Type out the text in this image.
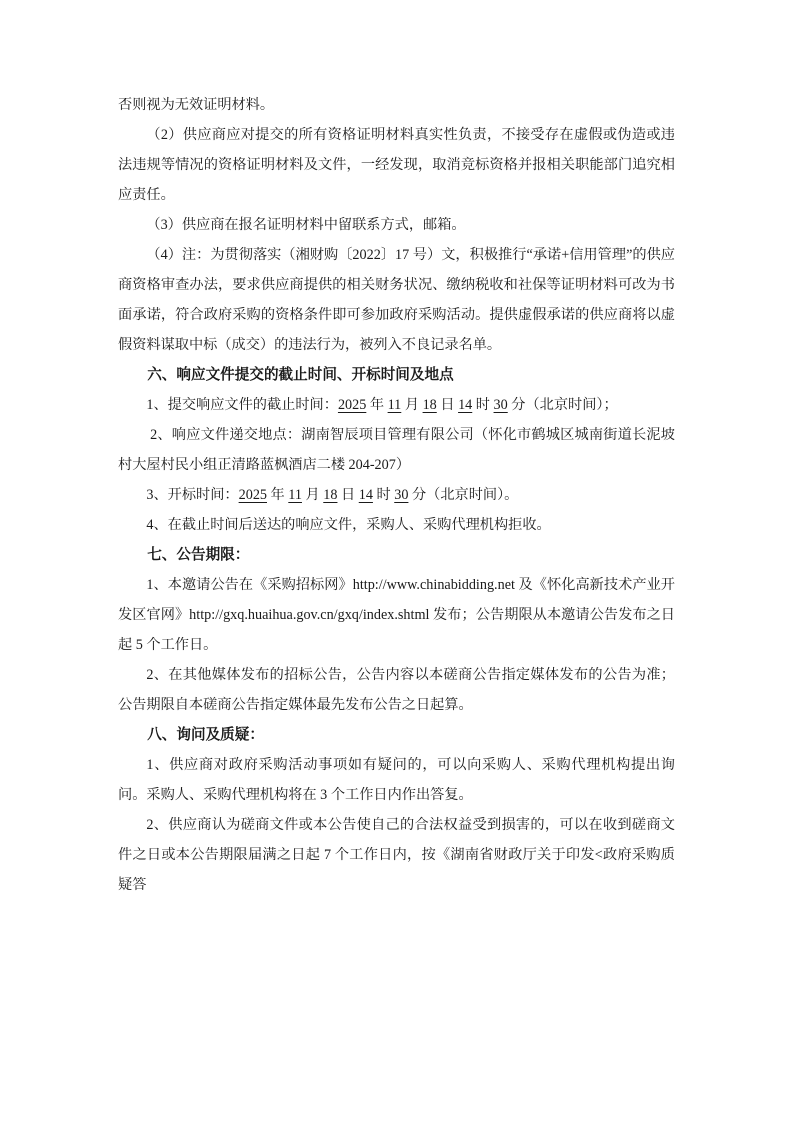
否则视为无效证明材料。

（2）供应商应对提交的所有资格证明材料真实性负责，不接受存在虚假或伪造或违法违规等情况的资格证明材料及文件，一经发现，取消竞标资格并报相关职能部门追究相应责任。

（3）供应商在报名证明材料中留联系方式，邮箱。

（4）注：为贯彻落实（湘财购〔2022〕17 号）文，积极推行“承诺+信用管理”的供应商资格审查办法，要求供应商提供的相关财务状况、缴纳税收和社保等证明材料可改为书面承诺，符合政府采购的资格条件即可参加政府采购活动。提供虚假承诺的供应商将以虚假资料谋取中标（成交）的违法行为，被列入不良记录名单。

六、响应文件提交的截止时间、开标时间及地点

1、提交响应文件的截止时间：2025 年 11 月 18 日 14 时 30 分（北京时间）；

2、响应文件递交地点：湖南智辰项目管理有限公司（怀化市鹤城区城南街道长泥坡村大屋村民小组正清路蓝枫酒店二楼 204-207）

3、开标时间：2025 年 11 月 18 日 14 时 30 分（北京时间）。

4、在截止时间后送达的响应文件，采购人、采购代理机构拒收。

七、公告期限：

1、本邀请公告在《采购招标网》http://www.chinabidding.net 及《怀化高新技术产业开发区官网》http://gxq.huaihua.gov.cn/gxq/index.shtml 发布；公告期限从本邀请公告发布之日起 5 个工作日。

2、在其他媒体发布的招标公告，公告内容以本磋商公告指定媒体发布的公告为准；公告期限自本磋商公告指定媒体最先发布公告之日起算。

八、询问及质疑：

1、供应商对政府采购活动事项如有疑问的，可以向采购人、采购代理机构提出询问。采购人、采购代理机构将在 3 个工作日内作出答复。

2、供应商认为磋商文件或本公告使自己的合法权益受到损害的，可以在收到磋商文件之日或本公告期限届满之日起 7 个工作日内，按《湖南省财政厅关于印发<政府采购质疑答
